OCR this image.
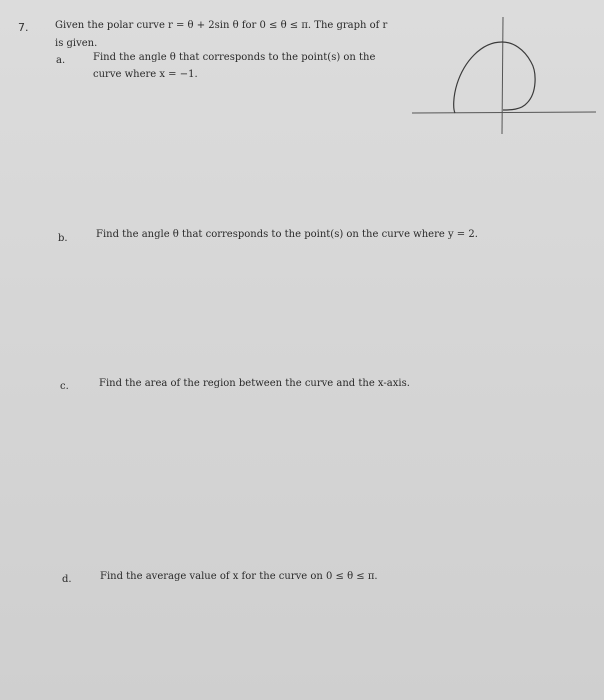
7.	Given the polar curve r = θ + 2sin θ for 0 ≤ θ ≤ π. The graph of r
is given.
a.	Find the angle θ that corresponds to the point(s) on the
curve where x = −1.
b.	Find the angle θ that corresponds to the point(s) on the curve where y = 2.
c.	Find the area of the region between the curve and the x-axis.
d.	Find the average value of x for the curve on 0 ≤ θ ≤ π.
